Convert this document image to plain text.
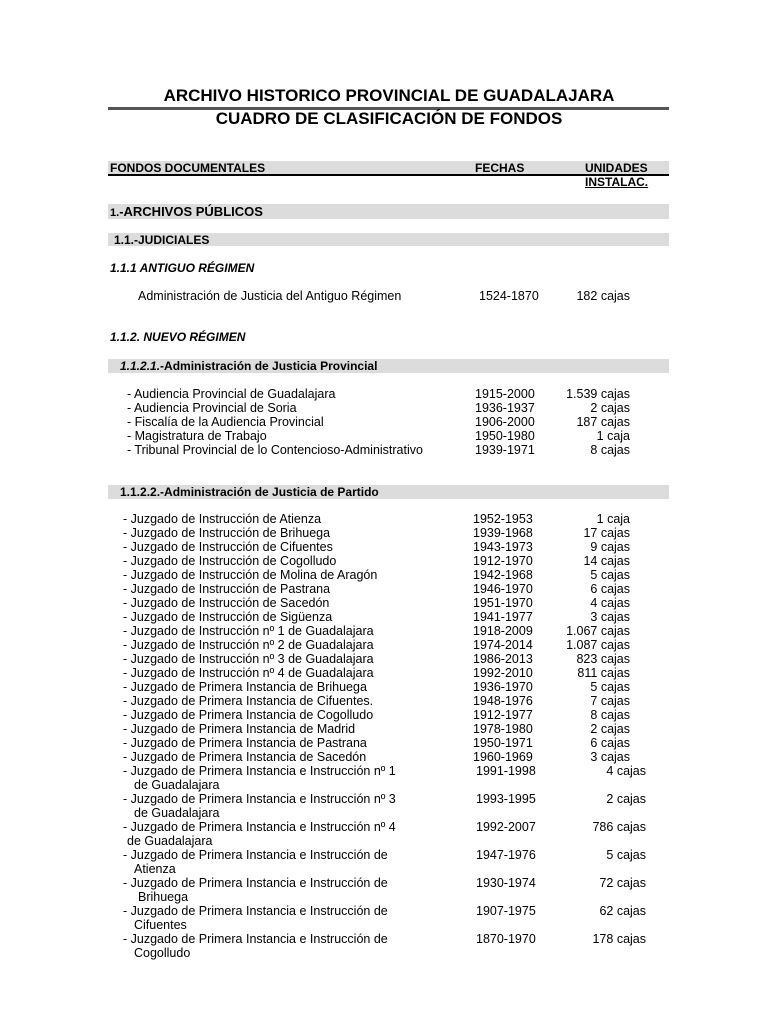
ARCHIVO HISTORICO PROVINCIAL DE GUADALAJARA
CUADRO DE CLASIFICACIÓN DE FONDOS
FONDOS DOCUMENTALES	FECHAS	UNIDADES
INSTALAC.
1.-ARCHIVOS PÚBLICOS
1.1.-JUDICIALES
1.1.1 ANTIGUO RÉGIMEN
Administración de Justicia del Antiguo Régimen	1524-1870	182 cajas
1.1.2. NUEVO RÉGIMEN
1.1.2.1.-Administración de Justicia Provincial
- Audiencia Provincial de Guadalajara	1915-2000	1.539 cajas
- Audiencia Provincial de Soria	1936-1937	2 cajas
- Fiscalía de la Audiencia Provincial	1906-2000	187 cajas
- Magistratura de Trabajo	1950-1980	1 caja
- Tribunal Provincial de lo Contencioso-Administrativo	1939-1971	8 cajas
1.1.2.2.-Administración de Justicia de Partido
- Juzgado de Instrucción de Atienza	1952-1953	1 caja
- Juzgado de Instrucción de Brihuega	1939-1968	17 cajas
- Juzgado de Instrucción de Cifuentes	1943-1973	9 cajas
- Juzgado de Instrucción de Cogolludo	1912-1970	14 cajas
- Juzgado de Instrucción de Molina de Aragón	1942-1968	5 cajas
- Juzgado de Instrucción de Pastrana	1946-1970	6 cajas
- Juzgado de Instrucción de Sacedón	1951-1970	4 cajas
- Juzgado de Instrucción de Sigüenza	1941-1977	3 cajas
- Juzgado de Instrucción nº 1 de Guadalajara	1918-2009	1.067 cajas
- Juzgado de Instrucción nº 2 de Guadalajara	1974-2014	1.087 cajas
- Juzgado de Instrucción nº 3 de Guadalajara	1986-2013	823 cajas
- Juzgado de Instrucción nº 4 de Guadalajara	1992-2010	811 cajas
- Juzgado de Primera Instancia de Brihuega	1936-1970	5 cajas
- Juzgado de Primera Instancia de Cifuentes.	1948-1976	7 cajas
- Juzgado de Primera Instancia de Cogolludo	1912-1977	8 cajas
- Juzgado de Primera Instancia de Madrid	1978-1980	2 cajas
- Juzgado de Primera Instancia de Pastrana	1950-1971	6 cajas
- Juzgado de Primera Instancia de Sacedón	1960-1969	3 cajas
- Juzgado de Primera Instancia e Instrucción nº 1
de Guadalajara
1991-1998	4 cajas
- Juzgado de Primera Instancia e Instrucción nº 3
de Guadalajara
1993-1995	2 cajas
- Juzgado de Primera Instancia e Instrucción nº 4
de Guadalajara
1992-2007	786 cajas
- Juzgado de Primera Instancia e Instrucción de
Atienza
1947-1976	5 cajas
- Juzgado de Primera Instancia e Instrucción de
Brihuega
1930-1974	72 cajas
- Juzgado de Primera Instancia e Instrucción de
Cifuentes
1907-1975	62 cajas
- Juzgado de Primera Instancia e Instrucción de
Cogolludo
1870-1970	178 cajas
